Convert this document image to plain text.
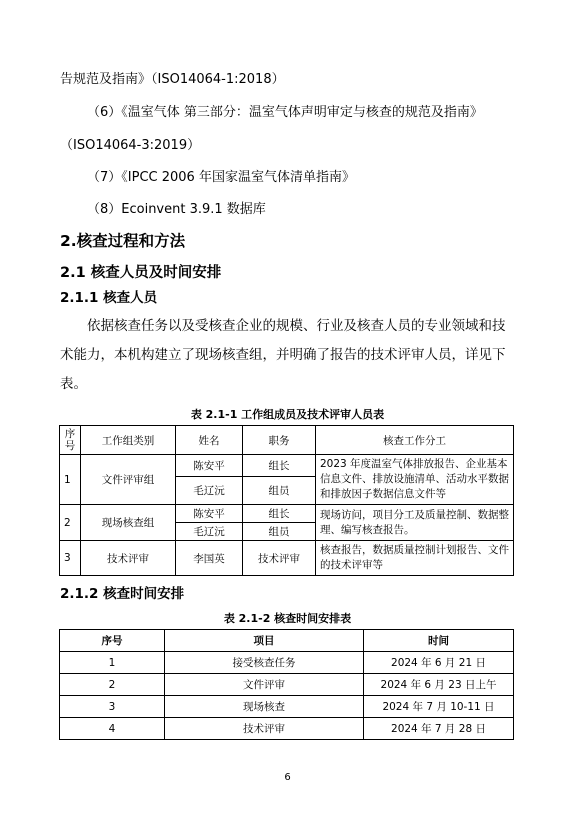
告规范及指南》（ISO14064-1:2018）
（6）《温室气体 第三部分：温室气体声明审定与核查的规范及指南》
（ISO14064-3:2019）
（7）《IPCC 2006 年国家温室气体清单指南》
（8）Ecoinvent 3.9.1 数据库
2.核查过程和方法
2.1 核查人员及时间安排
2.1.1 核查人员
依据核查任务以及受核查企业的规模、行业及核查人员的专业领域和技术能力，本机构建立了现场核查组，并明确了报告的技术评审人员，详见下表。
表 2.1-1 工作组成员及技术评审人员表
序号	工作组类别	姓名	职务	核查工作分工
1	文件评审组	陈安平	组长	2023 年度温室气体排放报告、企业基本信息文件、排放设施清单、活动水平数据和排放因子数据信息文件等
		毛辽沅	组员	
2	现场核查组	陈安平	组长	现场访问，项目分工及质量控制、数据整理、编写核查报告。
		毛辽沅	组员	
3	技术评审	李国英	技术评审	核查报告，数据质量控制计划报告、文件的技术评审等
2.1.2 核查时间安排
表 2.1-2 核查时间安排表
序号	项目	时间
1	接受核查任务	2024 年 6 月 21 日
2	文件评审	2024 年 6 月 23 日上午
3	现场核查	2024 年 7 月 10-11 日
4	技术评审	2024 年 7 月 28 日
6
